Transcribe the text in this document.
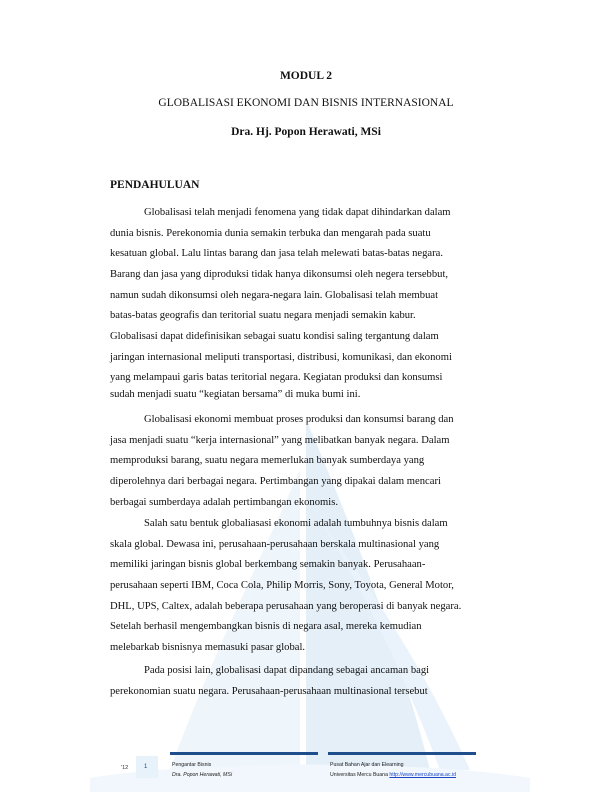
MODUL 2
GLOBALISASI EKONOMI DAN BISNIS INTERNASIONAL
Dra. Hj. Popon Herawati, MSi
PENDAHULUAN
Globalisasi telah menjadi fenomena yang tidak dapat dihindarkan dalam
dunia bisnis. Perekonomia dunia semakin terbuka dan mengarah pada suatu
kesatuan global. Lalu lintas barang dan jasa telah melewati batas-batas negara.
Barang dan jasa yang diproduksi tidak hanya dikonsumsi oleh negera tersebbut,
namun sudah dikonsumsi oleh negara-negara lain. Globalisasi telah membuat
batas-batas geografis dan teritorial suatu negara menjadi semakin kabur.
Globalisasi dapat didefinisikan sebagai suatu kondisi saling tergantung dalam
jaringan internasional meliputi transportasi, distribusi, komunikasi, dan ekonomi
yang melampaui garis batas teritorial negara. Kegiatan produksi dan konsumsi
sudah menjadi suatu “kegiatan bersama” di muka bumi ini.
Globalisasi ekonomi membuat proses produksi dan konsumsi barang dan
jasa menjadi suatu “kerja internasional” yang melibatkan banyak negara. Dalam
memproduksi barang, suatu negara memerlukan banyak sumberdaya yang
diperolehnya dari berbagai negara. Pertimbangan yang dipakai dalam mencari
berbagai sumberdaya adalah pertimbangan ekonomis.
Salah satu bentuk globaliasasi ekonomi adalah tumbuhnya bisnis dalam
skala global. Dewasa ini, perusahaan-perusahaan berskala multinasional yang
memiliki jaringan bisnis global berkembang semakin banyak. Perusahaan-
perusahaan seperti IBM, Coca Cola, Philip Morris, Sony, Toyota, General Motor,
DHL, UPS, Caltex, adalah beberapa perusahaan yang beroperasi di banyak negara.
Setelah berhasil mengembangkan bisnis di negara asal, mereka kemudian
melebarkab bisnisnya memasuki pasar global.
Pada posisi lain, globalisasi dapat dipandang sebagai ancaman bagi
perekonomian suatu negara. Perusahaan-perusahaan multinasional tersebut
'12	1	Pengantar Bisnis
Dra. Popon Herawati, MSi
Pusat Bahan Ajar dan Elearning
Universitas Mercu Buana http://www.mercubuana.ac.id
